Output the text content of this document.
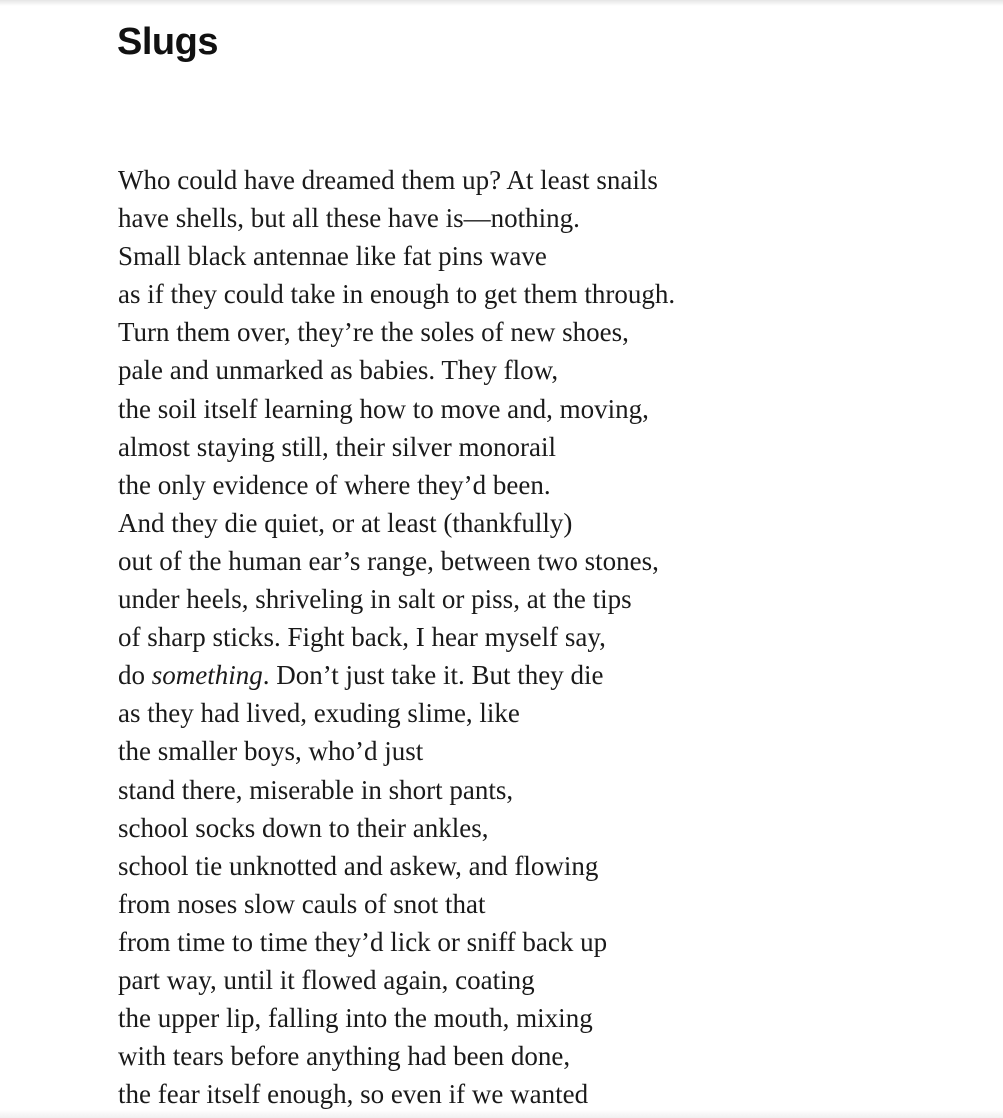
Slugs
Who could have dreamed them up? At least snails
have shells, but all these have is—nothing.
Small black antennae like fat pins wave
as if they could take in enough to get them through.
Turn them over, they’re the soles of new shoes,
pale and unmarked as babies. They flow,
the soil itself learning how to move and, moving,
almost staying still, their silver monorail
the only evidence of where they’d been.
And they die quiet, or at least (thankfully)
out of the human ear’s range, between two stones,
under heels, shriveling in salt or piss, at the tips
of sharp sticks. Fight back, I hear myself say,
do something. Don’t just take it. But they die
as they had lived, exuding slime, like
the smaller boys, who’d just
stand there, miserable in short pants,
school socks down to their ankles,
school tie unknotted and askew, and flowing
from noses slow cauls of snot that
from time to time they’d lick or sniff back up
part way, until it flowed again, coating
the upper lip, falling into the mouth, mixing
with tears before anything had been done,
the fear itself enough, so even if we wanted
